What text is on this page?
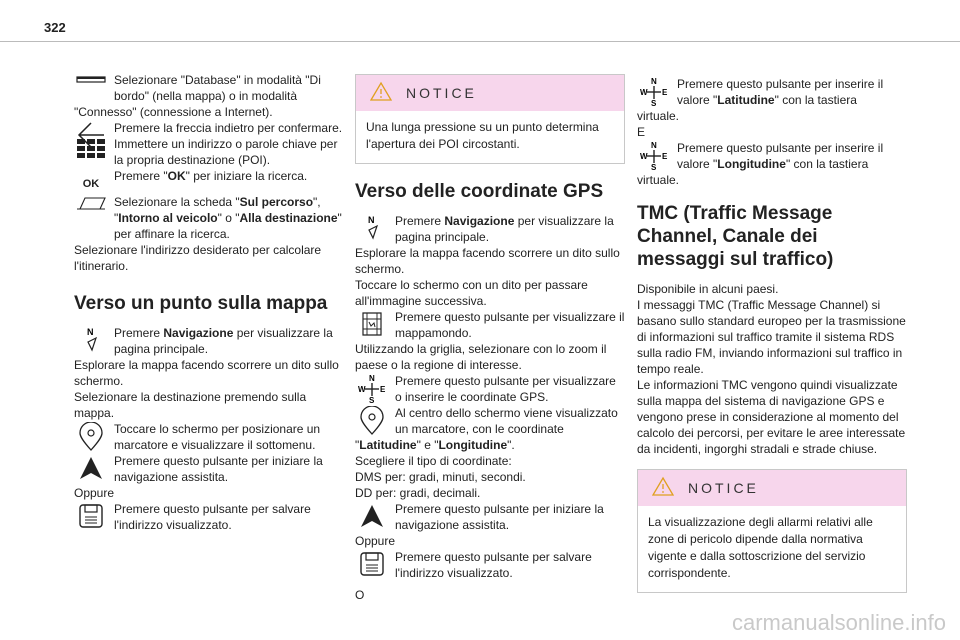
322
Selezionare "Database" in modalità "Di bordo" (nella mappa) o in modalità
"Connesso" (connessione a Internet).
Premere la freccia indietro per confermare.
Immettere un indirizzo o parole chiave per la propria destinazione (POI).
OK
Premere "OK" per iniziare la ricerca.
Selezionare la scheda "Sul percorso", "Intorno al veicolo" o "Alla destinazione" per affinare la ricerca.

Selezionare l'indirizzo desiderato per calcolare l'itinerario.

Verso un punto sulla mappa
N Premere Navigazione per visualizzare la pagina principale.

Esplorare la mappa facendo scorrere un dito sullo schermo.

Selezionare la destinazione premendo sulla mappa.

Toccare lo schermo per posizionare un marcatore e visualizzare il sottomenu.
Premere questo pulsante per iniziare la navigazione assistita.

Oppure

Premere questo pulsante per salvare l'indirizzo visualizzato.
NOTICE
Una lunga pressione su un punto determina l'apertura dei POI circostanti.
Verso delle coordinate GPS
N Premere Navigazione per visualizzare la pagina principale.

Esplorare la mappa facendo scorrere un dito sullo schermo.

Toccare lo schermo con un dito per passare all'immagine successiva.

Premere questo pulsante per visualizzare il mappamondo.

Utilizzando la griglia, selezionare con lo zoom il paese o la regione di interesse.

N
W E
S
Premere questo pulsante per visualizzare o inserire le coordinate GPS.
Al centro dello schermo viene visualizzato un marcatore, con le coordinate
"Latitudine" e "Longitudine".

Scegliere il tipo di coordinate:

DMS per: gradi, minuti, secondi.

DD per: gradi, decimali.

Premere questo pulsante per iniziare la navigazione assistita.

Oppure

Premere questo pulsante per salvare l'indirizzo visualizzato.

O

N
W E
S
Premere questo pulsante per inserire il valore "Latitudine" con la tastiera
virtuale.

E

N
W E
S
Premere questo pulsante per inserire il valore "Longitudine" con la tastiera
virtuale.
TMC (Traffic Message Channel, Canale dei messaggi sul traffico)

Disponibile in alcuni paesi.

I messaggi TMC (Traffic Message Channel) si basano sullo standard europeo per la trasmissione di informazioni sul traffico tramite il sistema RDS sulla radio FM, inviando informazioni sul traffico in tempo reale.

Le informazioni TMC vengono quindi visualizzate sulla mappa del sistema di navigazione GPS e vengono prese in considerazione al momento del calcolo dei percorsi, per evitare le aree interessate da incidenti, ingorghi stradali e strade chiuse.

NOTICE
La visualizzazione degli allarmi relativi alle zone di pericolo dipende dalla normativa vigente e dalla sottoscrizione del servizio corrispondente.
carmanualsonline.info
